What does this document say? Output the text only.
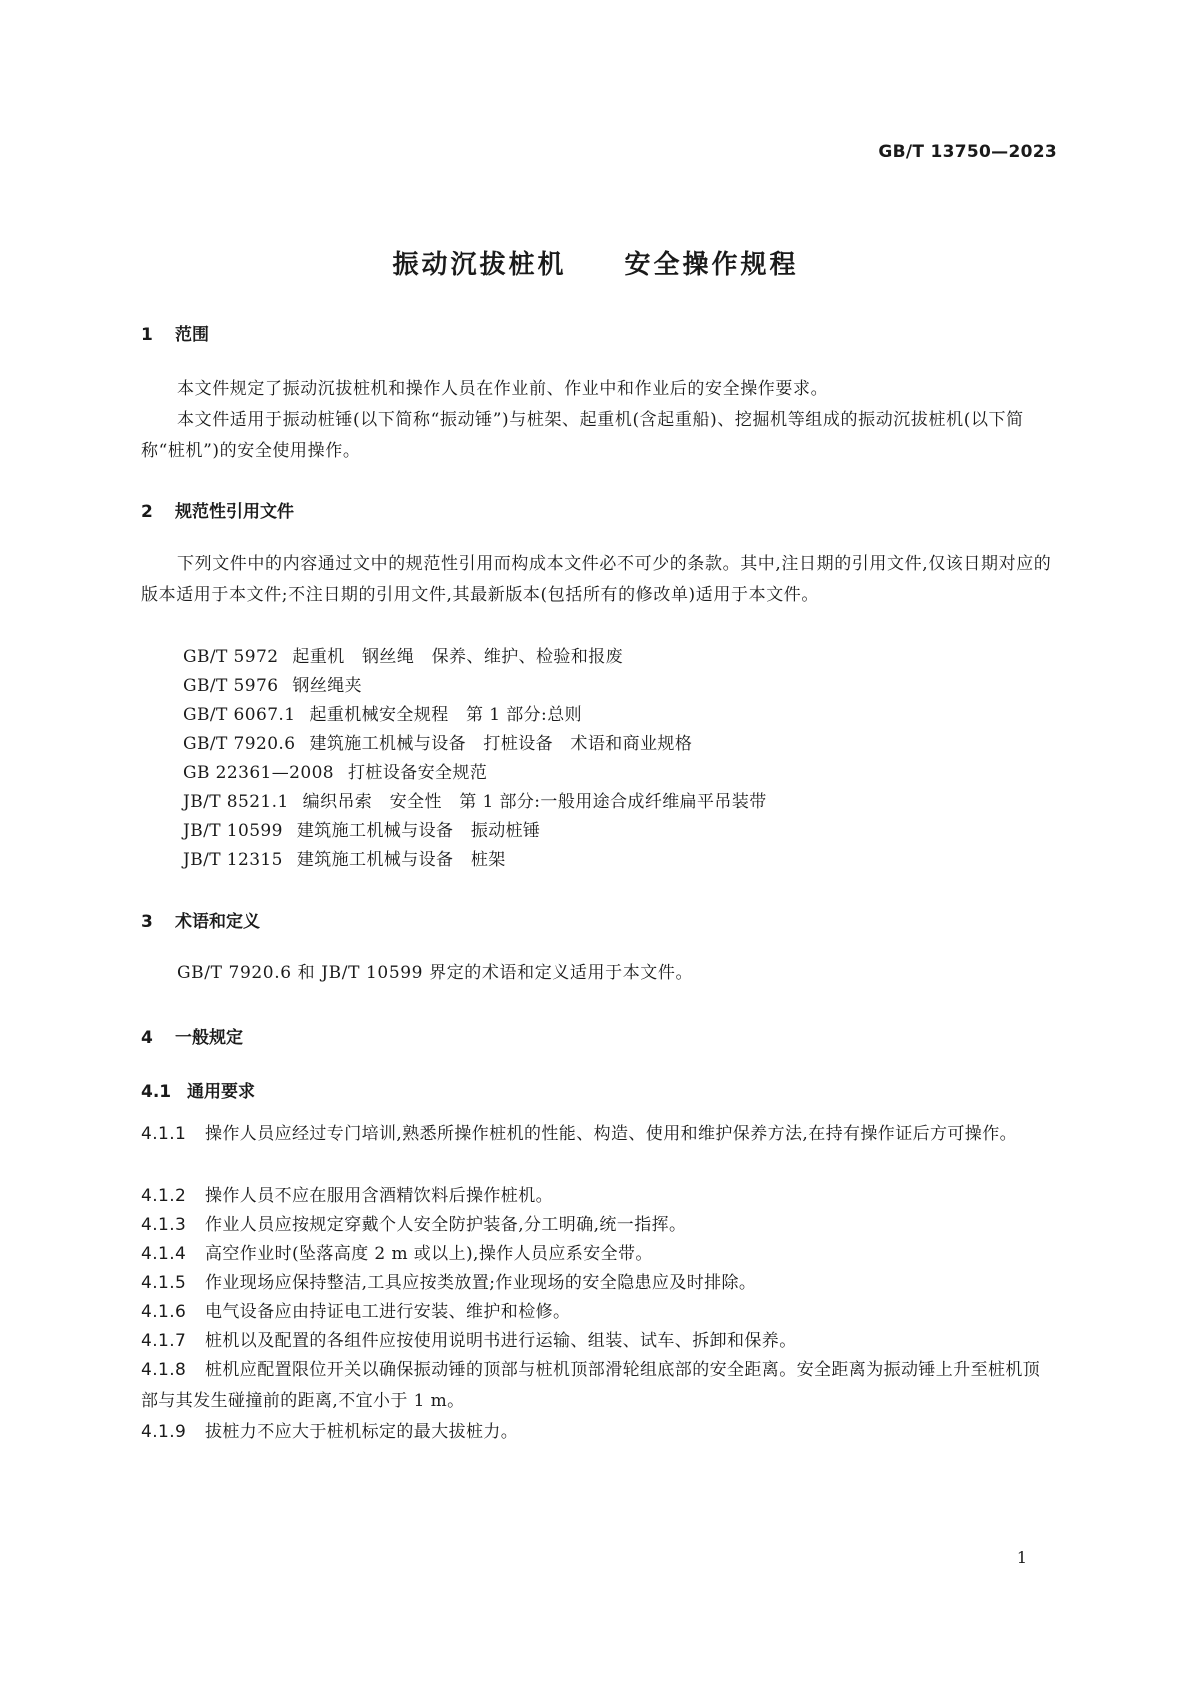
GB/T 13750—2023
振动沉拔桩机　　安全操作规程
1 范围
本文件规定了振动沉拔桩机和操作人员在作业前、作业中和作业后的安全操作要求。
本文件适用于振动桩锤(以下简称“振动锤”)与桩架、起重机(含起重船)、挖掘机等组成的振动沉拔桩机(以下简称“桩机”)的安全使用操作。
2 规范性引用文件
下列文件中的内容通过文中的规范性引用而构成本文件必不可少的条款。其中,注日期的引用文件,仅该日期对应的版本适用于本文件;不注日期的引用文件,其最新版本(包括所有的修改单)适用于本文件。
GB/T 5972 起重机　钢丝绳　保养、维护、检验和报废
GB/T 5976 钢丝绳夹
GB/T 6067.1 起重机械安全规程　第 1 部分:总则
GB/T 7920.6 建筑施工机械与设备　打桩设备　术语和商业规格
GB 22361—2008 打桩设备安全规范
JB/T 8521.1 编织吊索　安全性　第 1 部分:一般用途合成纤维扁平吊装带
JB/T 10599 建筑施工机械与设备　振动桩锤
JB/T 12315 建筑施工机械与设备　桩架
3 术语和定义
GB/T 7920.6 和 JB/T 10599 界定的术语和定义适用于本文件。
4 一般规定
4.1 通用要求
4.1.1 操作人员应经过专门培训,熟悉所操作桩机的性能、构造、使用和维护保养方法,在持有操作证后方可操作。
4.1.2 操作人员不应在服用含酒精饮料后操作桩机。
4.1.3 作业人员应按规定穿戴个人安全防护装备,分工明确,统一指挥。
4.1.4 高空作业时(坠落高度 2 m 或以上),操作人员应系安全带。
4.1.5 作业现场应保持整洁,工具应按类放置;作业现场的安全隐患应及时排除。
4.1.6 电气设备应由持证电工进行安装、维护和检修。
4.1.7 桩机以及配置的各组件应按使用说明书进行运输、组装、试车、拆卸和保养。
4.1.8 桩机应配置限位开关以确保振动锤的顶部与桩机顶部滑轮组底部的安全距离。安全距离为振动锤上升至桩机顶部与其发生碰撞前的距离,不宜小于 1 m。
4.1.9 拔桩力不应大于桩机标定的最大拔桩力。
1
